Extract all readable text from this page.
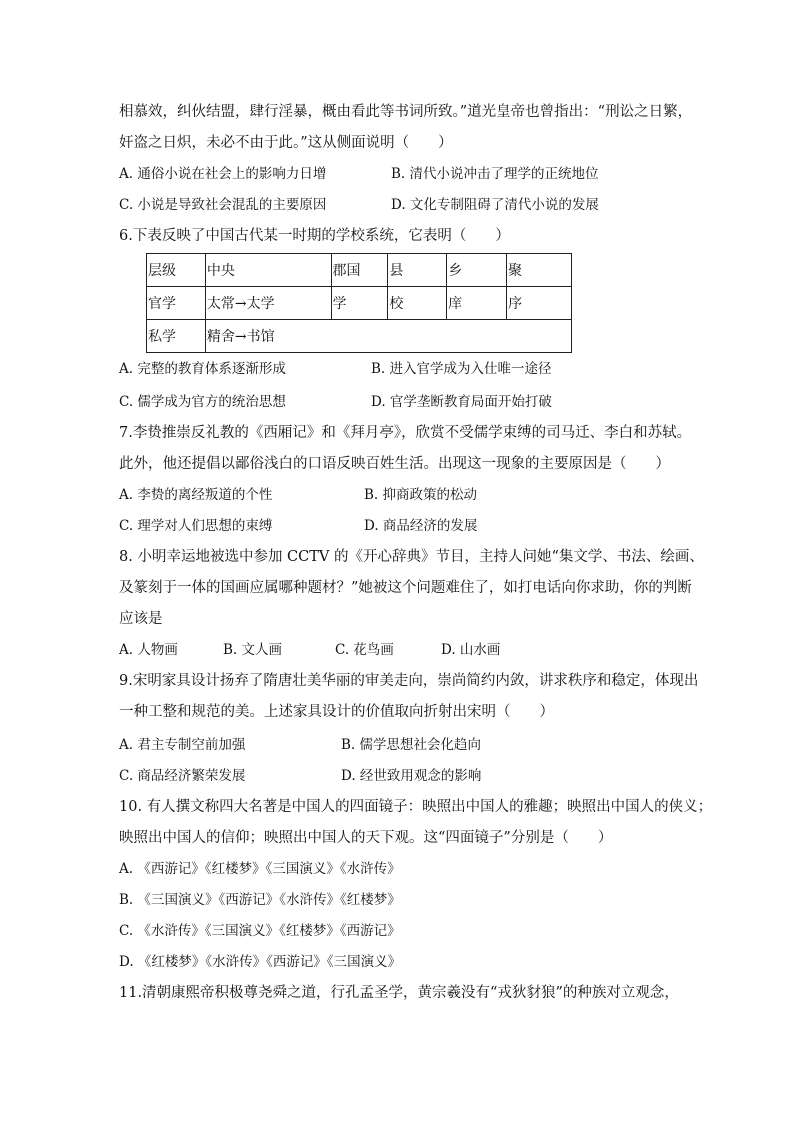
相慕效，纠伙结盟，肆行淫暴，概由看此等书词所致。”道光皇帝也曾指出：“刑讼之日繁，
奸盗之日炽，未必不由于此。”这从侧面说明（　　）
A. 通俗小说在社会上的影响力日增	B. 清代小说冲击了理学的正统地位
C. 小说是导致社会混乱的主要原因	D. 文化专制阻碍了清代小说的发展
6.下表反映了中国古代某一时期的学校系统，它表明（　　）
层级	中央	郡国	县	乡	聚
官学	太常→太学	学	校	庠	序
私学	精舍→书馆				
A. 完整的教育体系逐渐形成	B. 进入官学成为入仕唯一途径
C. 儒学成为官方的统治思想	D. 官学垄断教育局面开始打破
7.李贽推崇反礼教的《西厢记》和《拜月亭》，欣赏不受儒学束缚的司马迁、李白和苏轼。
此外，他还提倡以鄙俗浅白的口语反映百姓生活。出现这一现象的主要原因是（　　）
A. 李贽的离经叛道的个性	B. 抑商政策的松动
C. 理学对人们思想的束缚	D. 商品经济的发展
8. 小明幸运地被选中参加 CCTV 的《开心辞典》节目，主持人问她“集文学、书法、绘画、
及篆刻于一体的国画应属哪种题材？”她被这个问题难住了，如打电话向你求助，你的判断
应该是
A. 人物画	B. 文人画	C. 花鸟画	D. 山水画
9.宋明家具设计扬弃了隋唐壮美华丽的审美走向，崇尚简约内敛，讲求秩序和稳定，体现出
一种工整和规范的美。上述家具设计的价值取向折射出宋明（　　）
A. 君主专制空前加强	B. 儒学思想社会化趋向
C. 商品经济繁荣发展	D. 经世致用观念的影响
10. 有人撰文称四大名著是中国人的四面镜子：映照出中国人的雅趣；映照出中国人的侠义；
映照出中国人的信仰；映照出中国人的天下观。这“四面镜子”分别是（　　）
A. 《西游记》《红楼梦》《三国演义》《水浒传》
B. 《三国演义》《西游记》《水浒传》《红楼梦》
C. 《水浒传》《三国演义》《红楼梦》《西游记》
D. 《红楼梦》《水浒传》《西游记》《三国演义》
11.清朝康熙帝积极尊尧舜之道，行孔孟圣学，黄宗羲没有“戎狄豺狼”的种族对立观念，
